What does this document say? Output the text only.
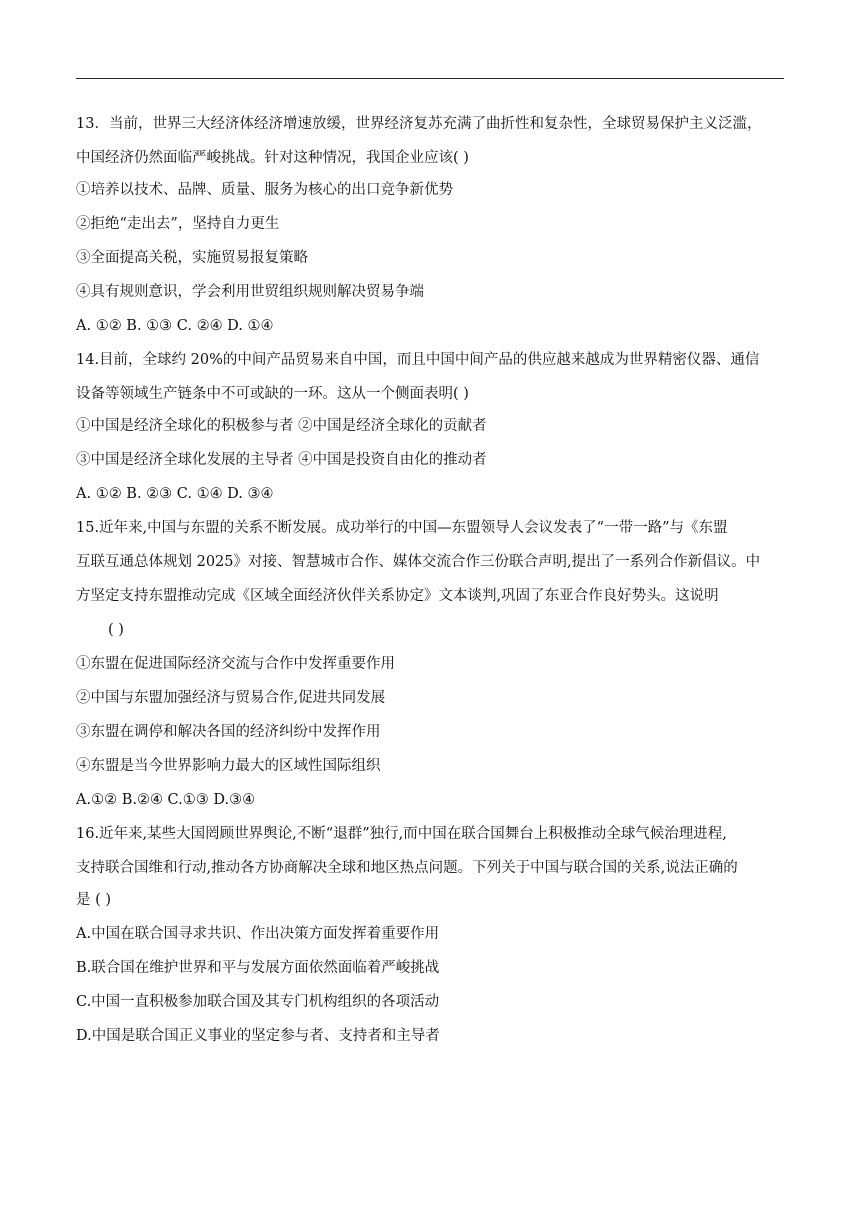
13．当前，世界三大经济体经济增速放缓，世界经济复苏充满了曲折性和复杂性，全球贸易保护主义泛滥，
中国经济仍然面临严峻挑战。针对这种情况，我国企业应该( )
①培养以技术、品牌、质量、服务为核心的出口竞争新优势
②拒绝“走出去”，坚持自力更生
③全面提高关税，实施贸易报复策略
④具有规则意识，学会利用世贸组织规则解决贸易争端
A. ①② B. ①③ C. ②④ D. ①④
14.目前，全球约 20%的中间产品贸易来自中国，而且中国中间产品的供应越来越成为世界精密仪器、通信
设备等领域生产链条中不可或缺的一环。这从一个侧面表明( )
①中国是经济全球化的积极参与者 ②中国是经济全球化的贡献者
③中国是经济全球化发展的主导者 ④中国是投资自由化的推动者
A. ①② B. ②③ C. ①④ D. ③④
15.近年来,中国与东盟的关系不断发展。成功举行的中国—东盟领导人会议发表了“一带一路”与《东盟
互联互通总体规划 2025》对接、智慧城市合作、媒体交流合作三份联合声明,提出了一系列合作新倡议。中
方坚定支持东盟推动完成《区域全面经济伙伴关系协定》文本谈判,巩固了东亚合作良好势头。这说明
( )
①东盟在促进国际经济交流与合作中发挥重要作用
②中国与东盟加强经济与贸易合作,促进共同发展
③东盟在调停和解决各国的经济纠纷中发挥作用
④东盟是当今世界影响力最大的区域性国际组织
A.①② B.②④ C.①③ D.③④
16.近年来,某些大国罔顾世界舆论,不断“退群”独行,而中国在联合国舞台上积极推动全球气候治理进程,
支持联合国维和行动,推动各方协商解决全球和地区热点问题。下列关于中国与联合国的关系,说法正确的
是 ( )
A.中国在联合国寻求共识、作出决策方面发挥着重要作用
B.联合国在维护世界和平与发展方面依然面临着严峻挑战
C.中国一直积极参加联合国及其专门机构组织的各项活动
D.中国是联合国正义事业的坚定参与者、支持者和主导者
